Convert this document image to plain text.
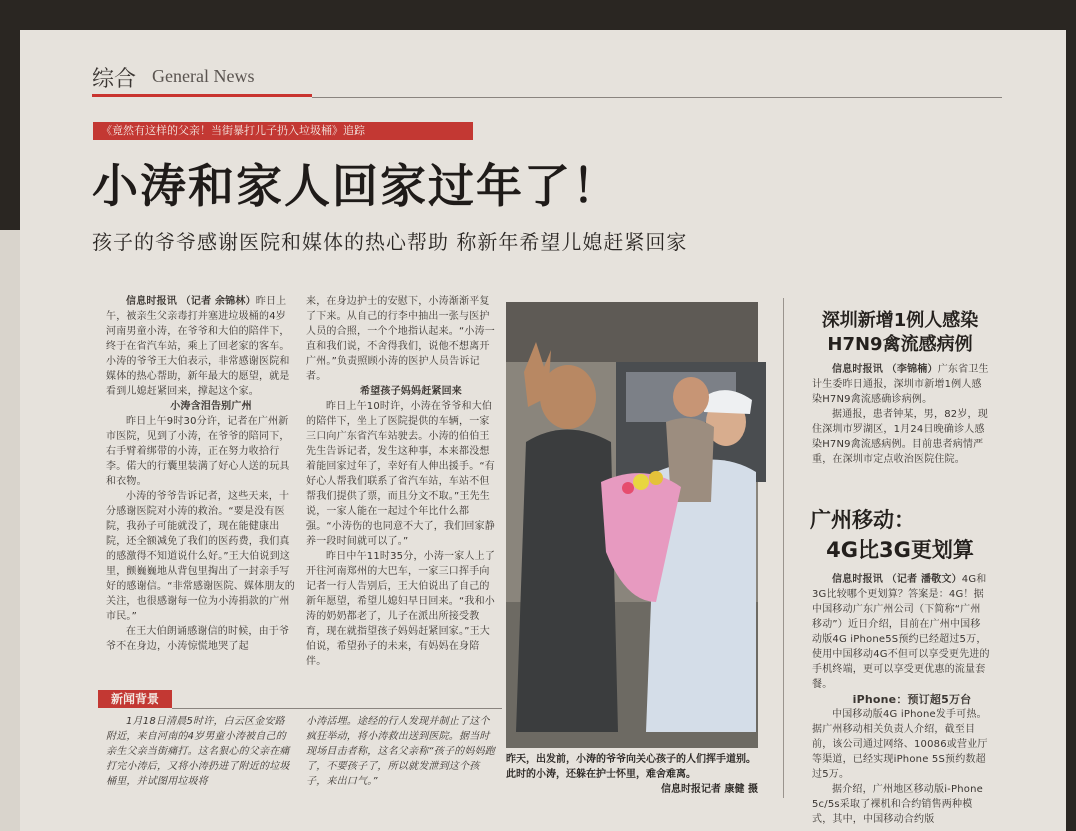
综合 General News
《竟然有这样的父亲！当街暴打儿子扔入垃圾桶》追踪
小涛和家人回家过年了！
孩子的爷爷感谢医院和媒体的热心帮助 称新年希望儿媳赶紧回家

信息时报讯 （记者 余锦林）昨日上午，被亲生父亲毒打并塞进垃圾桶的4岁河南男童小涛，在爷爷和大伯的陪伴下，终于在省汽车站，乘上了回老家的客车。小涛的爷爷王大伯表示，非常感谢医院和媒体的热心帮助，新年最大的愿望，就是看到儿媳赶紧回来，撑起这个家。

小涛含泪告别广州

昨日上午9时30分许，记者在广州新市医院，见到了小涛，在爷爷的陪同下，右手臂着绑带的小涛，正在努力收拾行李。偌大的行囊里装满了好心人送的玩具和衣物。

小涛的爷爷告诉记者，这些天来，十分感谢医院对小涛的救治。“要是没有医院，我孙子可能就没了，现在能健康出院，还全额减免了我们的医药费，我们真的感激得不知道说什么好。”王大伯说到这里，颤巍巍地从背包里掏出了一封亲手写好的感谢信。“非常感谢医院、媒体朋友的关注，也很感谢每一位为小涛捐款的广州市民。”

在王大伯朗诵感谢信的时候，由于爷爷不在身边，小涛惊慌地哭了起

来，在身边护士的安慰下，小涛渐渐平复了下来。从自己的行李中抽出一张与医护人员的合照，一个个地指认起来。“小涛一直和我们说，不舍得我们，说他不想离开广州。”负责照顾小涛的医护人员告诉记者。

希望孩子妈妈赶紧回来

昨日上午10时许，小涛在爷爷和大伯的陪伴下，坐上了医院提供的车辆，一家三口向广东省汽车站驶去。小涛的伯伯王先生告诉记者，发生这种事，本来都没想着能回家过年了，幸好有人伸出援手。“有好心人帮我们联系了省汽车站，车站不但帮我们提供了票，而且分文不取。”王先生说，一家人能在一起过个年比什么都强。“小涛伤的也同意不大了，我们回家静养一段时间就可以了。”

昨日中午11时35分，小涛一家人上了开往河南郑州的大巴车，一家三口挥手向记者一行人告别后，王大伯说出了自己的新年愿望，希望儿媳妇早日回来。“我和小涛的奶奶都老了，儿子在派出所接受教育，现在就指望孩子妈妈赶紧回家。”王大伯说，希望孙子的未来，有妈妈在身陪伴。

新闻背景

1月18日清晨5时许，白云区金安路附近，来自河南的4岁男童小涛被自己的亲生父亲当街痛打。这名狠心的父亲在痛打完小涛后，又将小涛扔进了附近的垃圾桶里，并试图用垃圾将

小涛活埋。途经的行人发现并制止了这个疯狂举动，将小涛救出送到医院。据当时现场目击者称，这名父亲称“孩子的妈妈跑了，不要孩子了，所以就发泄到这个孩子，来出口气。”

昨天，出发前，小涛的爷爷向关心孩子的人们挥手道别。此时的小涛，还躲在护士怀里，难舍难离。
信息时报记者 康健 摄
深圳新增1例人感染
H7N9禽流感病例

信息时报讯 （李锦楠）广东省卫生计生委昨日通报，深圳市新增1例人感染H7N9禽流感确诊病例。

据通报，患者钟某，男，82岁，现住深圳市罗湖区，1月24日晚确诊人感染H7N9禽流感病例。目前患者病情严重，在深圳市定点收治医院住院。

广州移动：
4G比3G更划算

信息时报讯 （记者 潘敬文）4G和3G比较哪个更划算？答案是：4G！据中国移动广东广州公司（下简称“广州移动”）近日介绍，目前在广州中国移动版4G iPhone5S预约已经超过5万，使用中国移动4G不但可以享受更先进的手机终端，更可以享受更优惠的流量套餐。

iPhone：预订超5万台

中国移动版4G iPhone发手可热。据广州移动相关负责人介绍，截至目前，该公司通过网络、10086或营业厅等渠道，已经实现iPhone 5S预约数超过5万。

据介绍，广州地区移动版i-Phone 5c/5s采取了裸机和合约销售两种模式，其中，中国移动合约版
